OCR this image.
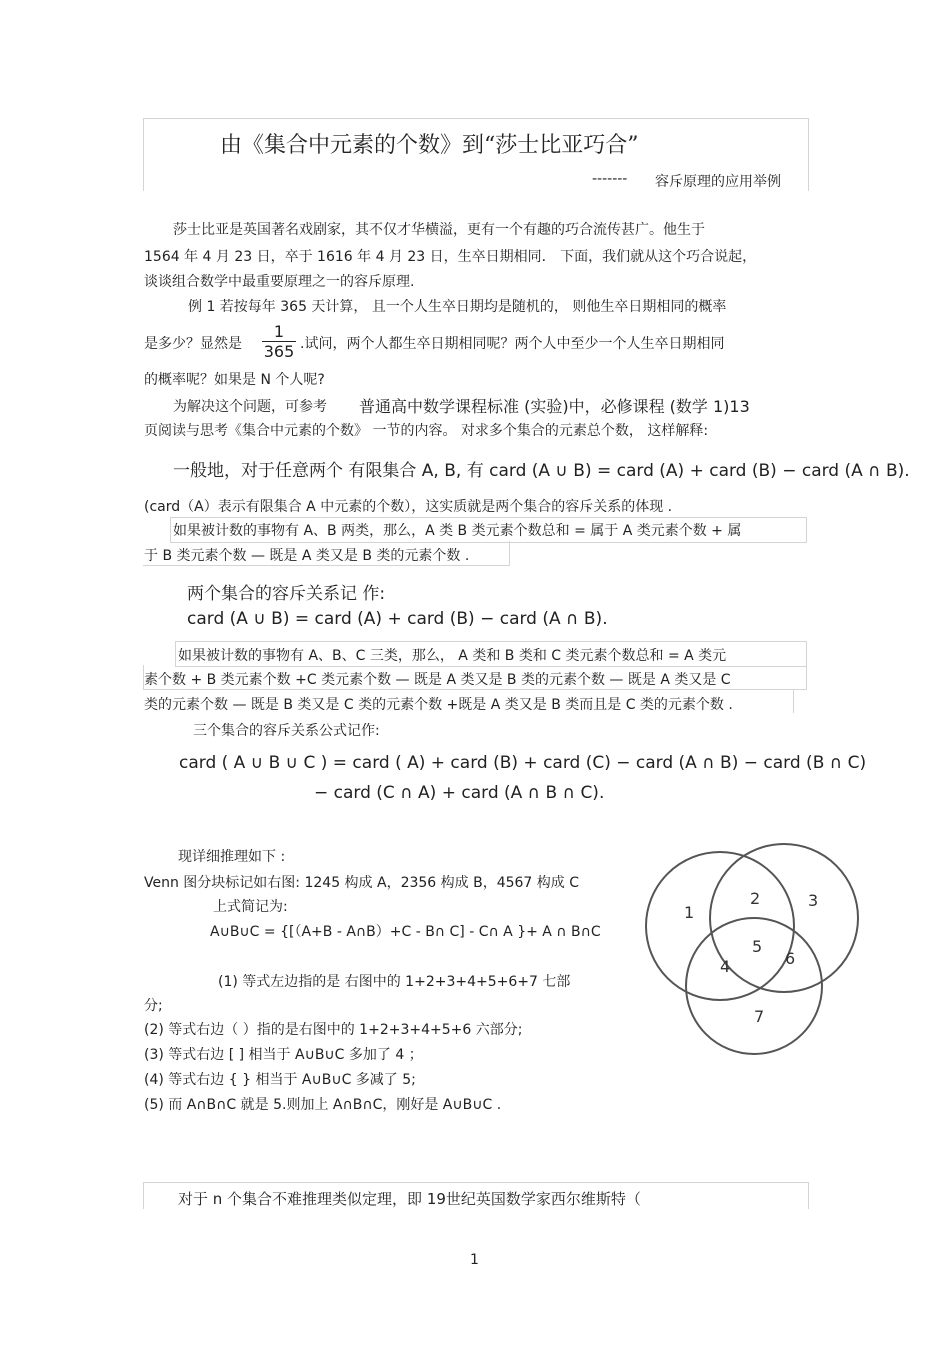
由《集合中元素的个数》到“莎士比亚巧合”
------- 容斥原理的应用举例
莎士比亚是英国著名戏剧家，其不仅才华横溢，更有一个有趣的巧合流传甚广。他生于
1564 年 4 月 23 日，卒于 1616 年 4 月 23 日，生卒日期相同． 下面，我们就从这个巧合说起，
谈谈组合数学中最重要原理之一的容斥原理.
例 1 若按每年 365 天计算， 且一个人生卒日期均是随机的， 则他生卒日期相同的概率
是多少？显然是
1
365 .试问，两个人都生卒日期相同呢？两个人中至少一个人生卒日期相同
的概率呢？如果是 N 个人呢?
为解决这个问题，可参考 普通高中数学课程标准 (实验)中，必修课程 (数学 1)13
页阅读与思考《集合中元素的个数》 一节的内容。 对求多个集合的元素总个数， 这样解释:
一般地，对于任意两个 有限集合 A, B, 有 card (A ∪ B) = card (A) + card (B) − card (A ∩ B).
(card（A）表示有限集合 A 中元素的个数），这实质就是两个集合的容斥关系的体现 .
如果被计数的事物有 A、B 两类，那么，A 类 B 类元素个数总和 = 属于 A 类元素个数 + 属
于 B 类元素个数 — 既是 A 类又是 B 类的元素个数 .
两个集合的容斥关系记 作:
card (A ∪ B) = card (A) + card (B) − card (A ∩ B).
如果被计数的事物有 A、B、C 三类，那么， A 类和 B 类和 C 类元素个数总和 = A 类元
素个数 + B 类元素个数 +C 类元素个数 — 既是 A 类又是 B 类的元素个数 — 既是 A 类又是 C
类的元素个数 — 既是 B 类又是 C 类的元素个数 +既是 A 类又是 B 类而且是 C 类的元素个数 .
三个集合的容斥关系公式记作:
card ( A ∪ B ∪ C ) = card ( A) + card (B) + card (C) − card (A ∩ B) − card (B ∩ C)
− card (C ∩ A) + card (A ∩ B ∩ C).
现详细推理如下 :
Venn 图分块标记如右图: 1245 构成 A，2356 构成 B，4567 构成 C
上式简记为:
A∪B∪C = {[（A+B - A∩B）+C - B∩ C] - C∩ A }+ A ∩ B∩C
(1) 等式左边指的是 右图中的 1+2+3+4+5+6+7 七部
分;
(2) 等式右边（ ）指的是右图中的 1+2+3+4+5+6 六部分;
(3) 等式右边 [ ] 相当于 A∪B∪C 多加了 4 ；
(4) 等式右边 { } 相当于 A∪B∪C 多减了 5;
(5) 而 A∩B∩C 就是 5.则加上 A∩B∩C，刚好是 A∪B∪C .
1
2	3
4
5
6
7
对于 n 个集合不难推理类似定理，即 19世纪英国数学家西尔维斯特（
1
